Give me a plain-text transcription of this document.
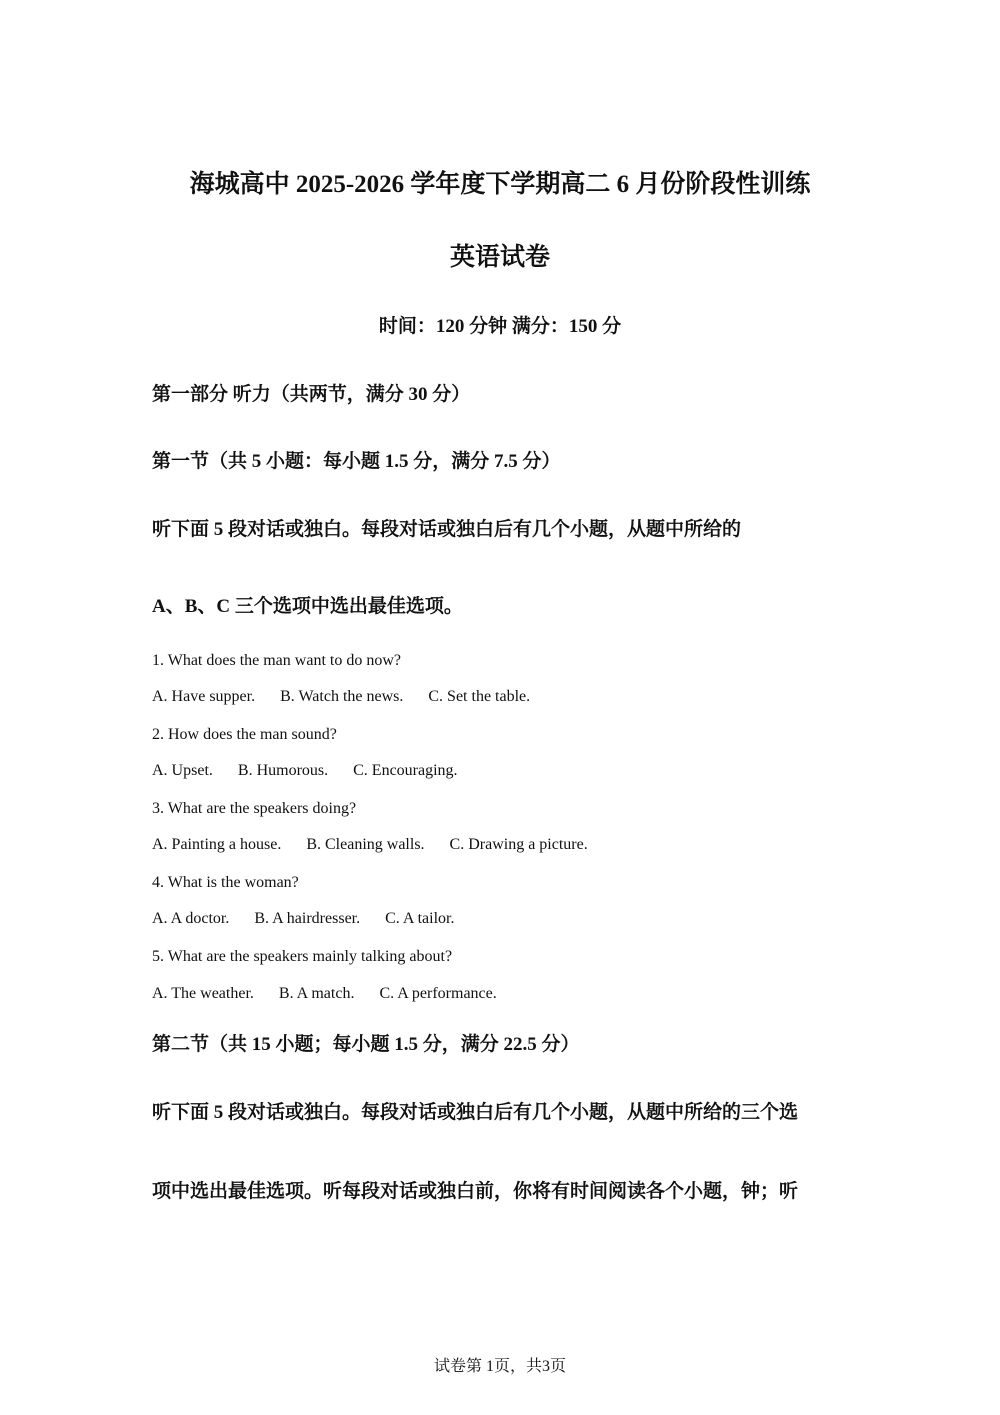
海城高中 2025-2026 学年度下学期高二 6 月份阶段性训练
英语试卷
时间：120 分钟 满分：150 分
第一部分 听力（共两节，满分 30 分）
第一节（共 5 小题：每小题 1.5 分，满分 7.5 分）
听下面 5 段对话或独白。每段对话或独白后有几个小题，从题中所给的
A、B、C 三个选项中选出最佳选项。
1. What does the man want to do now?
A. Have supper. B. Watch the news. C. Set the table.
2. How does the man sound?
A. Upset. B. Humorous. C. Encouraging.
3. What are the speakers doing?
A. Painting a house. B. Cleaning walls. C. Drawing a picture.
4. What is the woman?
A. A doctor. B. A hairdresser. C. A tailor.
5. What are the speakers mainly talking about?
A. The weather. B. A match. C. A performance.
第二节（共 15 小题；每小题 1.5 分，满分 22.5 分）
听下面 5 段对话或独白。每段对话或独白后有几个小题，从题中所给的三个选
项中选出最佳选项。听每段对话或独白前，你将有时间阅读各个小题，钟；听
试卷第 1页，共3页
